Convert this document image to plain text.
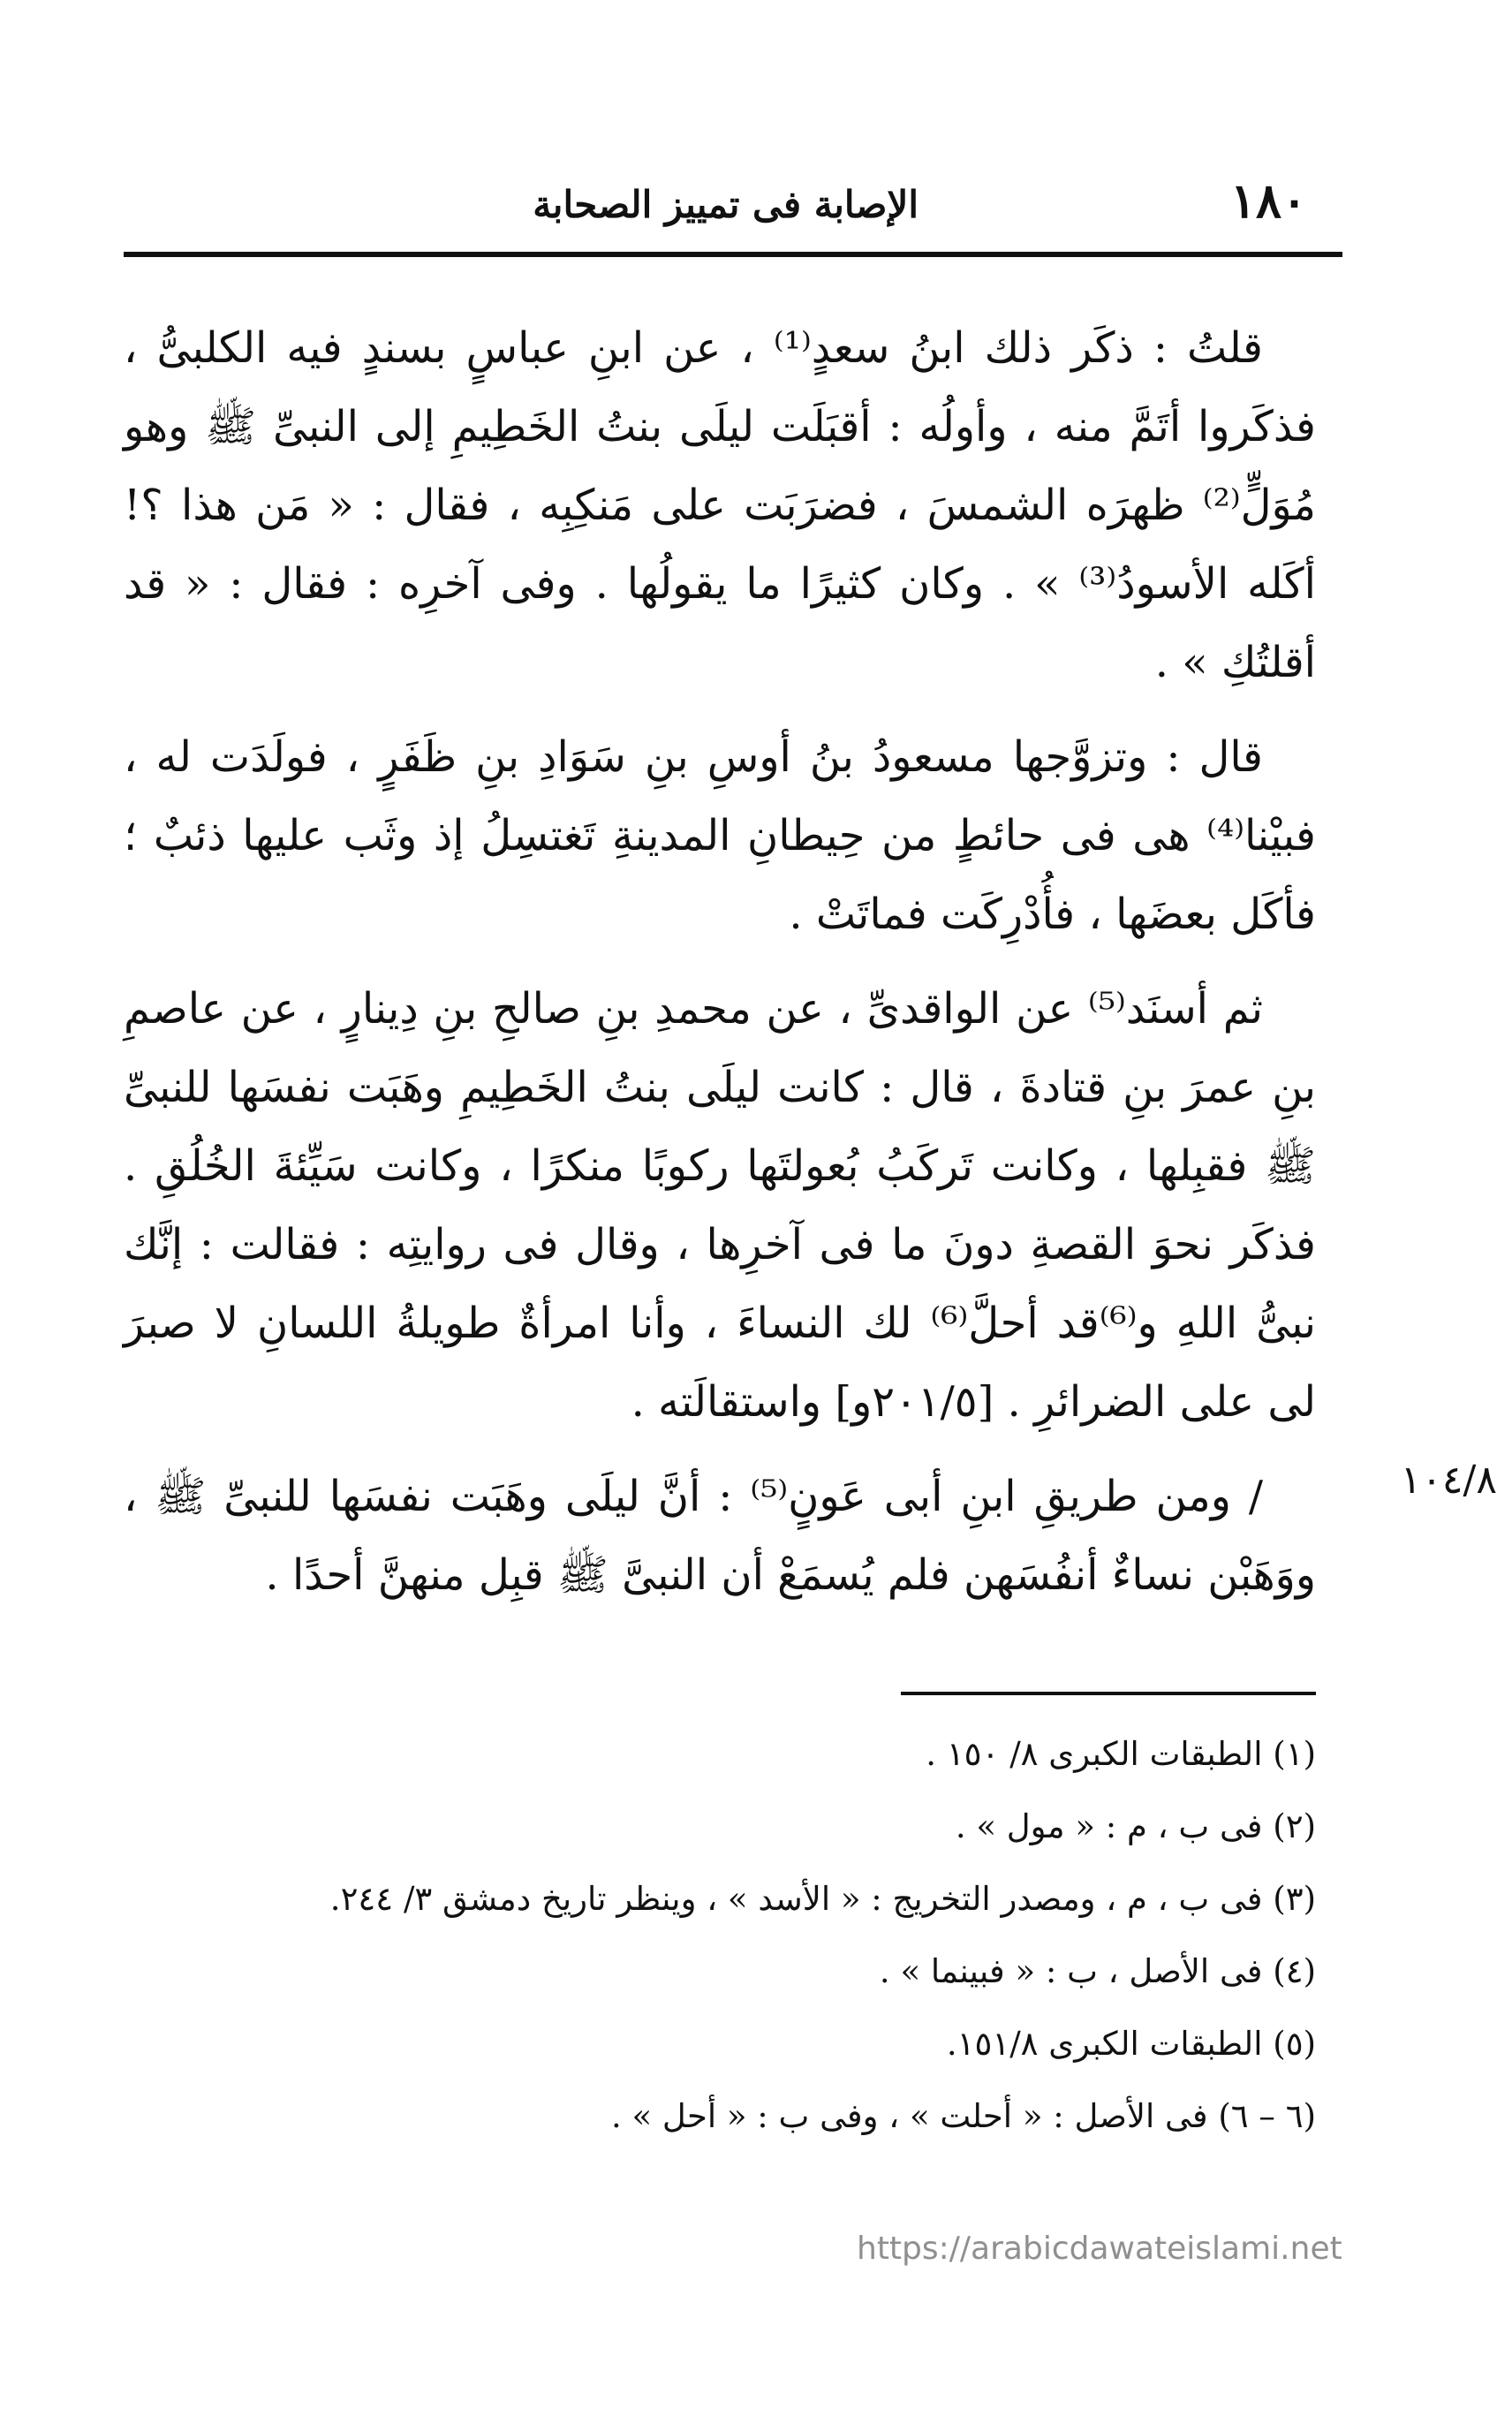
١٨٠
الإصابة فى تمييز الصحابة

قلتُ : ذكَر ذلك ابنُ سعدٍ⁽¹⁾ ، عن ابنِ عباسٍ بسندٍ فيه الكلبىُّ ، فذكَروا أتَمَّ منه ، وأولُه : أقبَلَت ليلَى بنتُ الخَطِيمِ إلى النبىِّ ﷺ وهو مُوَلٍّ⁽²⁾ ظهرَه الشمسَ ، فضرَبَت على مَنكِبِه ، فقال : « مَن هذا ؟! أكَله الأسودُ⁽³⁾ » . وكان كثيرًا ما يقولُها . وفى آخرِه : فقال : « قد أقلتُكِ » .

قال : وتزوَّجها مسعودُ بنُ أوسِ بنِ سَوَادِ بنِ ظَفَرٍ ، فولَدَت له ، فبيْنا⁽⁴⁾ هى فى حائطٍ من حِيطانِ المدينةِ تَغتسِلُ إذ وثَب عليها ذئبٌ ؛ فأكَل بعضَها ، فأُدْرِكَت فماتَتْ .

ثم أسنَد⁽⁵⁾ عن الواقدىِّ ، عن محمدِ بنِ صالحِ بنِ دِينارٍ ، عن عاصمِ بنِ عمرَ بنِ قتادةَ ، قال : كانت ليلَى بنتُ الخَطِيمِ وهَبَت نفسَها للنبىِّ ﷺ فقبِلها ، وكانت تَركَبُ بُعولتَها ركوبًا منكرًا ، وكانت سَيِّئةَ الخُلُقِ . فذكَر نحوَ القصةِ دونَ ما فى آخرِها ، وقال فى روايتِه : فقالت : إنَّك نبىُّ اللهِ و⁽⁶⁾قد أحلَّ⁽⁶⁾ لك النساءَ ، وأنا امرأةٌ طويلةُ اللسانِ لا صبرَ لى على الضرائرِ . [٢٠١/٥و] واستقالَته .

/ ومن طريقِ ابنِ أبى عَونٍ⁽⁵⁾ : أنَّ ليلَى وهَبَت نفسَها للنبىِّ ﷺ ، ووَهَبْن نساءٌ أنفُسَهن فلم يُسمَعْ أن النبىَّ ﷺ قبِل منهنَّ أحدًا .

١٠٤/٨
(١) الطبقات الكبرى ٨/ ١٥٠ .
(٢) فى ب ، م : « مول » .
(٣) فى ب ، م ، ومصدر التخريج : « الأسد » ، وينظر تاريخ دمشق ٣/ ٢٤٤.
(٤) فى الأصل ، ب : « فبينما » .
(٥) الطبقات الكبرى ١٥١/٨.
(٦ – ٦) فى الأصل : « أحلت » ، وفى ب : « أحل » .
https://arabicdawateislami.net
